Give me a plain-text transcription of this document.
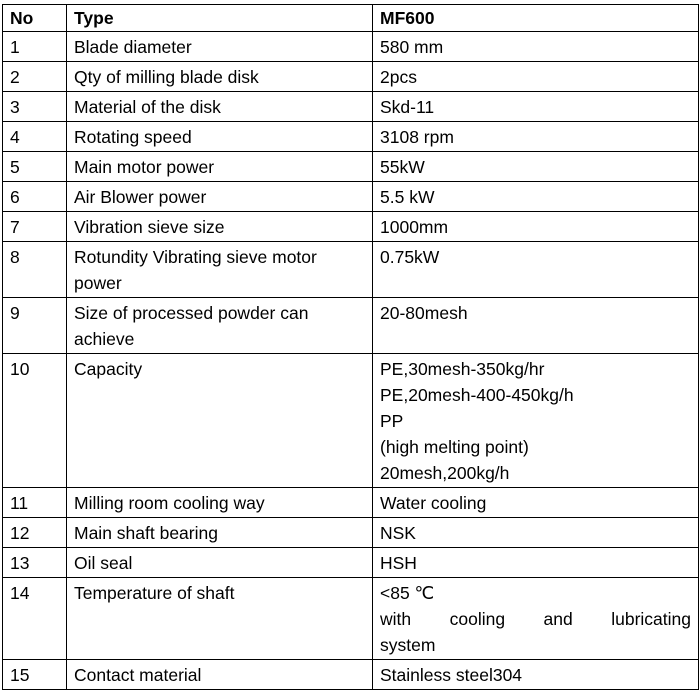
No	Type	MF600
1	Blade diameter	580 mm

2	Qty of milling blade disk	2pcs

3	Material of the disk	Skd-11

4	Rotating speed	3108 rpm

5	Main motor power	55kW

6	Air Blower power	5.5 kW

7	Vibration sieve size	1000mm

8	Rotundity Vibrating sieve motor power	0.75kW

9	Size of processed powder can achieve	20-80mesh

10	Capacity	PE,30mesh-350kg/hr
PE,20mesh-400-450kg/h
PP
(high melting point)
20mesh,200kg/h

11	Milling room cooling way	Water cooling

12	Main shaft bearing	NSK

13	Oil seal	HSH

14	Temperature of shaft	<85 ℃
with cooling and lubricating
system

15	Contact material	Stainless steel304
